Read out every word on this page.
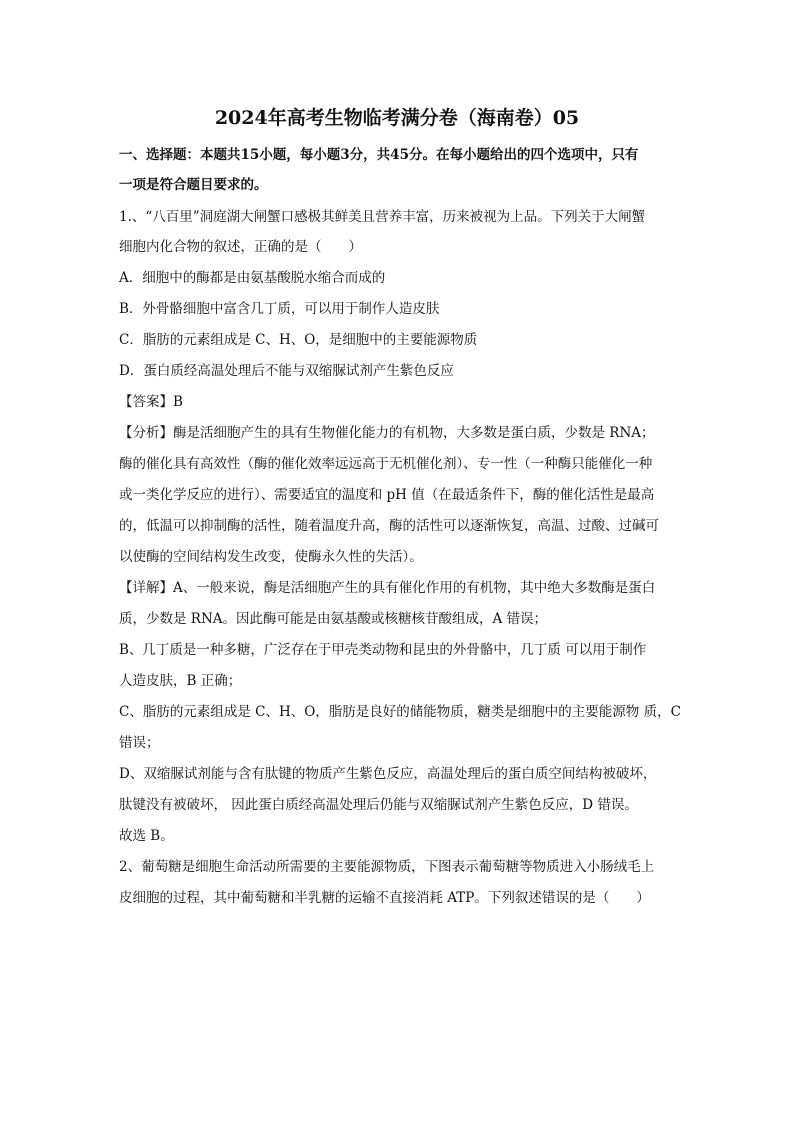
2024年高考生物临考满分卷（海南卷）05
一、选择题：本题共15小题，每小题3分，共45分。在每小题给出的四个选项中，只有
一项是符合题目要求的。
1.、“八百里”洞庭湖大闸蟹口感极其鲜美且营养丰富，历来被视为上品。下列关于大闸蟹
细胞内化合物的叙述，正确的是（　　）
A．细胞中的酶都是由氨基酸脱水缩合而成的
B．外骨骼细胞中富含几丁质，可以用于制作人造皮肤
C．脂肪的元素组成是 C、H、O，是细胞中的主要能源物质
D．蛋白质经高温处理后不能与双缩脲试剂产生紫色反应
【答案】B
【分析】酶是活细胞产生的具有生物催化能力的有机物，大多数是蛋白质，少数是 RNA；
酶的催化具有高效性（酶的催化效率远远高于无机催化剂）、专一性（一种酶只能催化一种
或一类化学反应的进行）、需要适宜的温度和 pH 值（在最适条件下，酶的催化活性是最高
的，低温可以抑制酶的活性，随着温度升高，酶的活性可以逐渐恢复，高温、过酸、过碱可
以使酶的空间结构发生改变，使酶永久性的失活）。
【详解】A、一般来说，酶是活细胞产生的具有催化作用的有机物，其中绝大多数酶是蛋白
质，少数是 RNA。因此酶可能是由氨基酸或核糖核苷酸组成，A 错误；
B、几丁质是一种多糖，广泛存在于甲壳类动物和昆虫的外骨骼中，几丁质 可以用于制作
人造皮肤，B 正确；
C、脂肪的元素组成是 C、H、O，脂肪是良好的储能物质，糖类是细胞中的主要能源物 质，C
错误；
D、双缩脲试剂能与含有肽键的物质产生紫色反应，高温处理后的蛋白质空间结构被破坏，
肽键没有被破坏， 因此蛋白质经高温处理后仍能与双缩脲试剂产生紫色反应，D 错误。
故选 B。
2、葡萄糖是细胞生命活动所需要的主要能源物质，下图表示葡萄糖等物质进入小肠绒毛上
皮细胞的过程，其中葡萄糖和半乳糖的运输不直接消耗 ATP。下列叙述错误的是（　　）
